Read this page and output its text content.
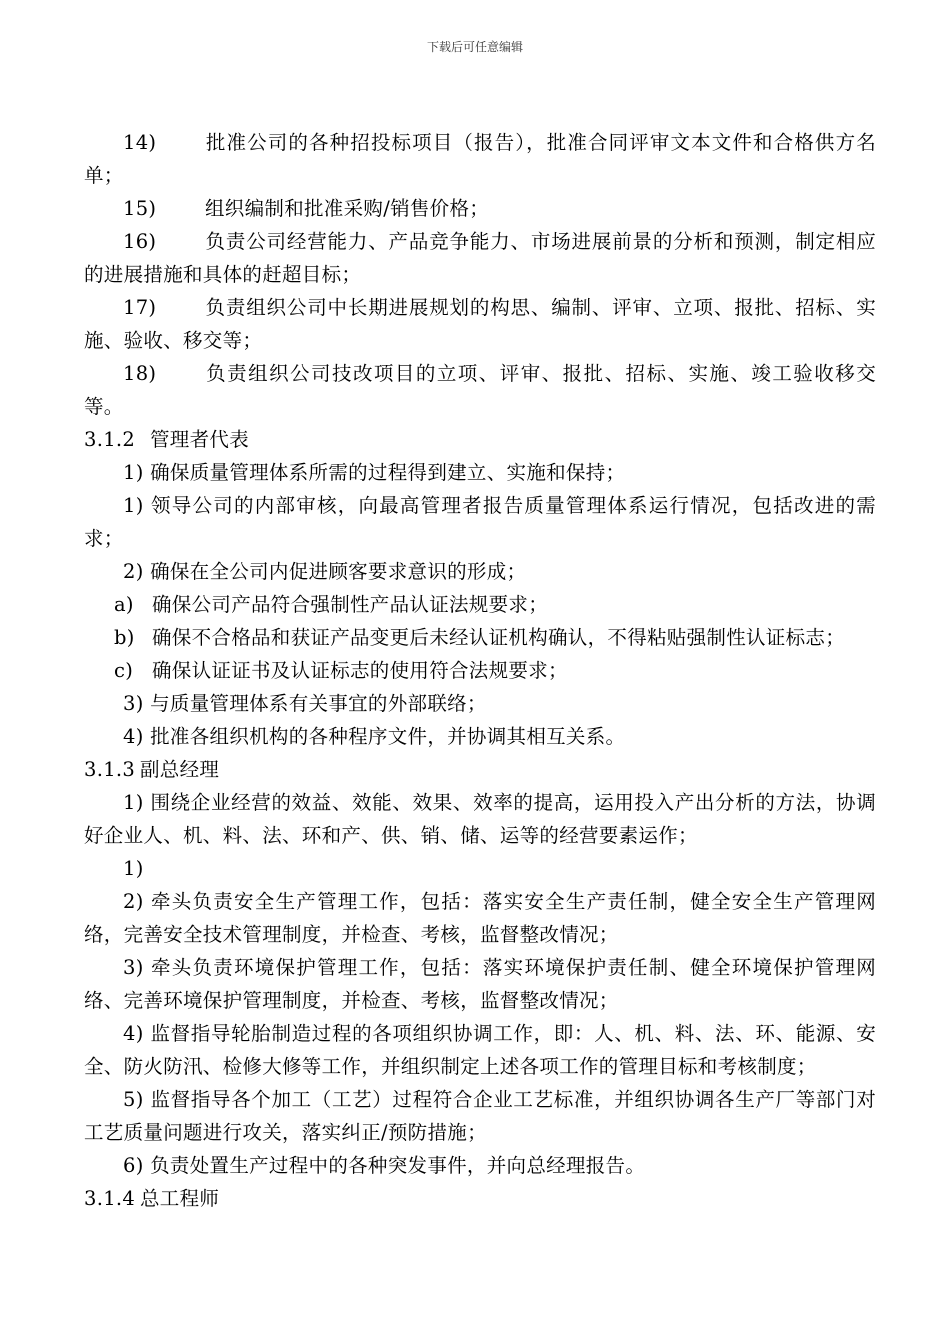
下载后可任意编辑
14) 批准公司的各种招投标项目（报告），批准合同评审文本文件和合格供方名单；
15) 组织编制和批准采购/销售价格；
16) 负责公司经营能力、产品竞争能力、市场进展前景的分析和预测，制定相应的进展措施和具体的赶超目标；
17) 负责组织公司中长期进展规划的构思、编制、评审、立项、报批、招标、实施、验收、移交等；
18) 负责组织公司技改项目的立项、评审、报批、招标、实施、竣工验收移交等。
3.1.2 管理者代表
1) 确保质量管理体系所需的过程得到建立、实施和保持；
1) 领导公司的内部审核，向最高管理者报告质量管理体系运行情况，包括改进的需求；
2) 确保在全公司内促进顾客要求意识的形成；
a) 确保公司产品符合强制性产品认证法规要求；
b) 确保不合格品和获证产品变更后未经认证机构确认，不得粘贴强制性认证标志；
c) 确保认证证书及认证标志的使用符合法规要求；
3) 与质量管理体系有关事宜的外部联络；
4) 批准各组织机构的各种程序文件，并协调其相互关系。
3.1.3 副总经理
1) 围绕企业经营的效益、效能、效果、效率的提高，运用投入产出分析的方法，协调好企业人、机、料、法、环和产、供、销、储、运等的经营要素运作；
1)
2) 牵头负责安全生产管理工作，包括：落实安全生产责任制，健全安全生产管理网络，完善安全技术管理制度，并检查、考核，监督整改情况；
3) 牵头负责环境保护管理工作，包括：落实环境保护责任制、健全环境保护管理网络、完善环境保护管理制度，并检查、考核，监督整改情况；
4) 监督指导轮胎制造过程的各项组织协调工作，即：人、机、料、法、环、能源、安全、防火防汛、检修大修等工作，并组织制定上述各项工作的管理目标和考核制度；
5) 监督指导各个加工（工艺）过程符合企业工艺标准，并组织协调各生产厂等部门对工艺质量问题进行攻关，落实纠正/预防措施；
6) 负责处置生产过程中的各种突发事件，并向总经理报告。
3.1.4 总工程师
